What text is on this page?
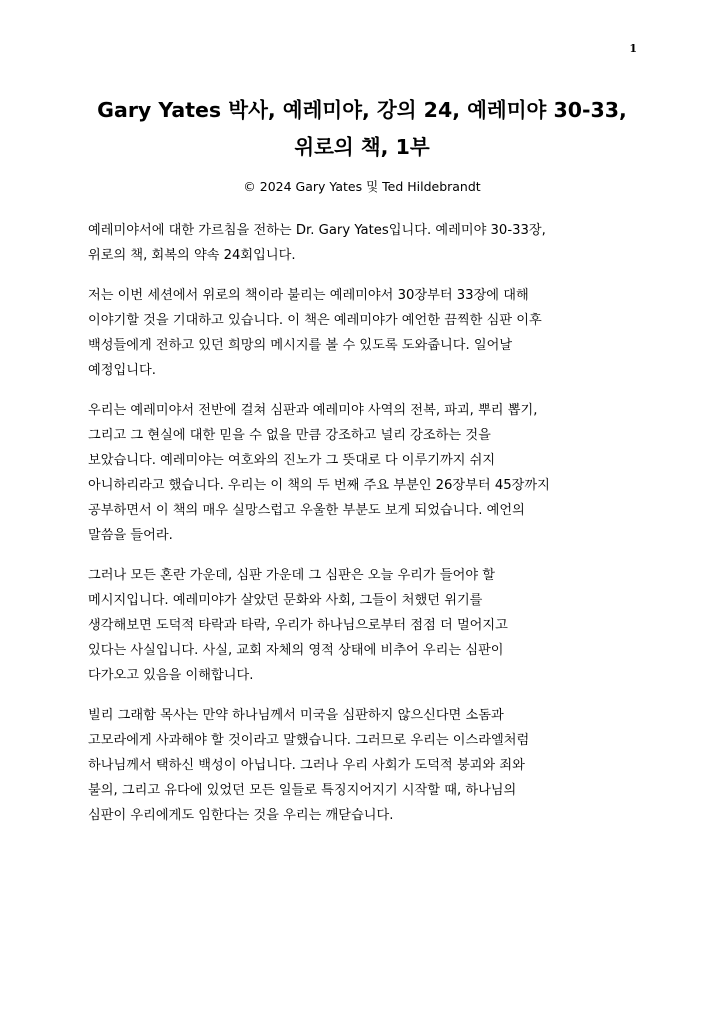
1
Gary Yates 박사, 예레미야, 강의 24, 예레미야 30-33,
위로의 책, 1부
© 2024 Gary Yates 및 Ted Hildebrandt

예레미야서에 대한 가르침을 전하는 Dr. Gary Yates입니다. 예레미야 30-33장,
위로의 책, 회복의 약속 24회입니다.

저는 이번 세션에서 위로의 책이라 불리는 예레미야서 30장부터 33장에 대해
이야기할 것을 기대하고 있습니다. 이 책은 예레미야가 예언한 끔찍한 심판 이후
백성들에게 전하고 있던 희망의 메시지를 볼 수 있도록 도와줍니다. 일어날
예정입니다.

우리는 예레미야서 전반에 걸쳐 심판과 예레미야 사역의 전복, 파괴, 뿌리 뽑기,
그리고 그 현실에 대한 믿을 수 없을 만큼 강조하고 널리 강조하는 것을
보았습니다. 예레미야는 여호와의 진노가 그 뜻대로 다 이루기까지 쉬지
아니하리라고 했습니다. 우리는 이 책의 두 번째 주요 부분인 26장부터 45장까지
공부하면서 이 책의 매우 실망스럽고 우울한 부분도 보게 되었습니다. 예언의
말씀을 들어라.

그러나 모든 혼란 가운데, 심판 가운데 그 심판은 오늘 우리가 들어야 할
메시지입니다. 예레미야가 살았던 문화와 사회, 그들이 처했던 위기를
생각해보면 도덕적 타락과 타락, 우리가 하나님으로부터 점점 더 멀어지고
있다는 사실입니다. 사실, 교회 자체의 영적 상태에 비추어 우리는 심판이
다가오고 있음을 이해합니다.

빌리 그래함 목사는 만약 하나님께서 미국을 심판하지 않으신다면 소돔과
고모라에게 사과해야 할 것이라고 말했습니다. 그러므로 우리는 이스라엘처럼
하나님께서 택하신 백성이 아닙니다. 그러나 우리 사회가 도덕적 붕괴와 죄와
불의, 그리고 유다에 있었던 모든 일들로 특징지어지기 시작할 때, 하나님의
심판이 우리에게도 임한다는 것을 우리는 깨닫습니다.
